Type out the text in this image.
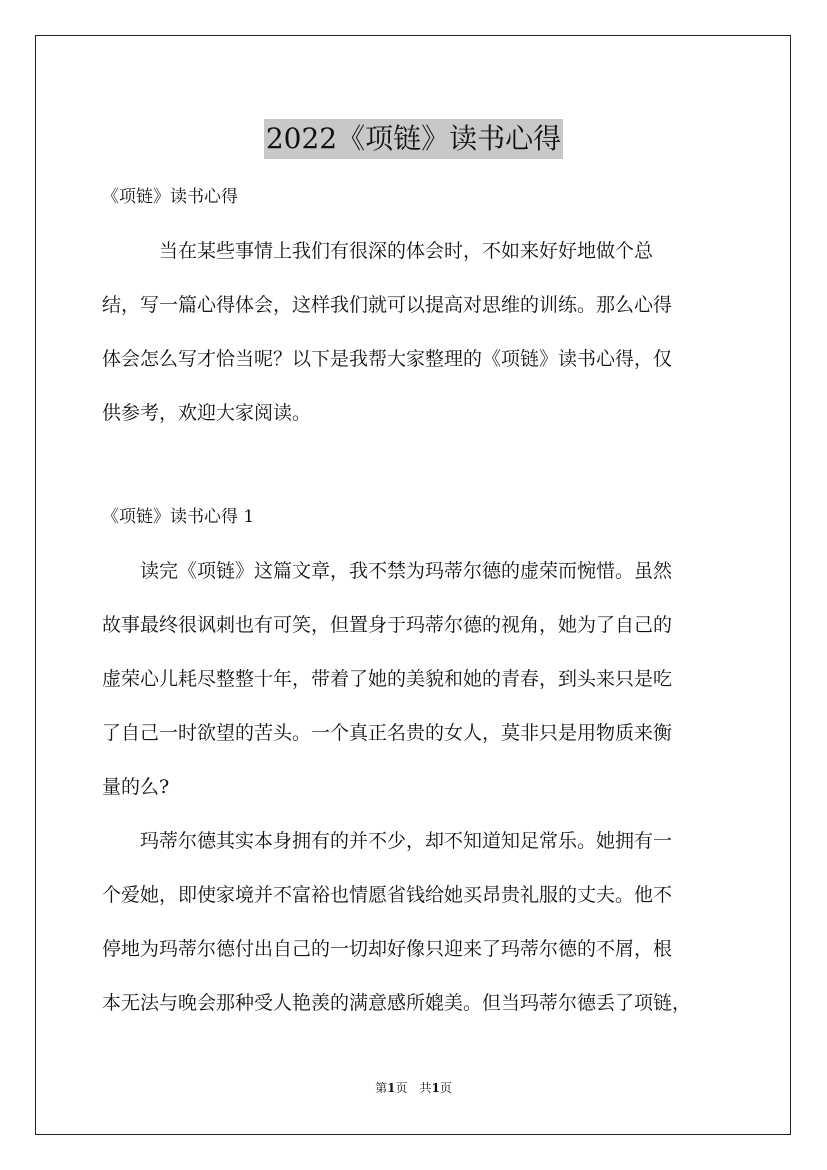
2022《项链》读书心得

《项链》读书心得

　　　当在某些事情上我们有很深的体会时，不如来好好地做个总

结，写一篇心得体会，这样我们就可以提高对思维的训练。那么心得

体会怎么写才恰当呢？以下是我帮大家整理的《项链》读书心得，仅

供参考，欢迎大家阅读。

《项链》读书心得 1

　　读完《项链》这篇文章，我不禁为玛蒂尔德的虚荣而惋惜。虽然

故事最终很讽刺也有可笑，但置身于玛蒂尔德的视角，她为了自己的

虚荣心儿耗尽整整十年，带着了她的美貌和她的青春，到头来只是吃

了自己一时欲望的苦头。一个真正名贵的女人，莫非只是用物质来衡

量的么?

　　玛蒂尔德其实本身拥有的并不少，却不知道知足常乐。她拥有一

个爱她，即使家境并不富裕也情愿省钱给她买昂贵礼服的丈夫。他不

停地为玛蒂尔德付出自己的一切却好像只迎来了玛蒂尔德的不屑，根

本无法与晚会那种受人艳羡的满意感所媲美。但当玛蒂尔德丢了项链，

第1页　共1页
